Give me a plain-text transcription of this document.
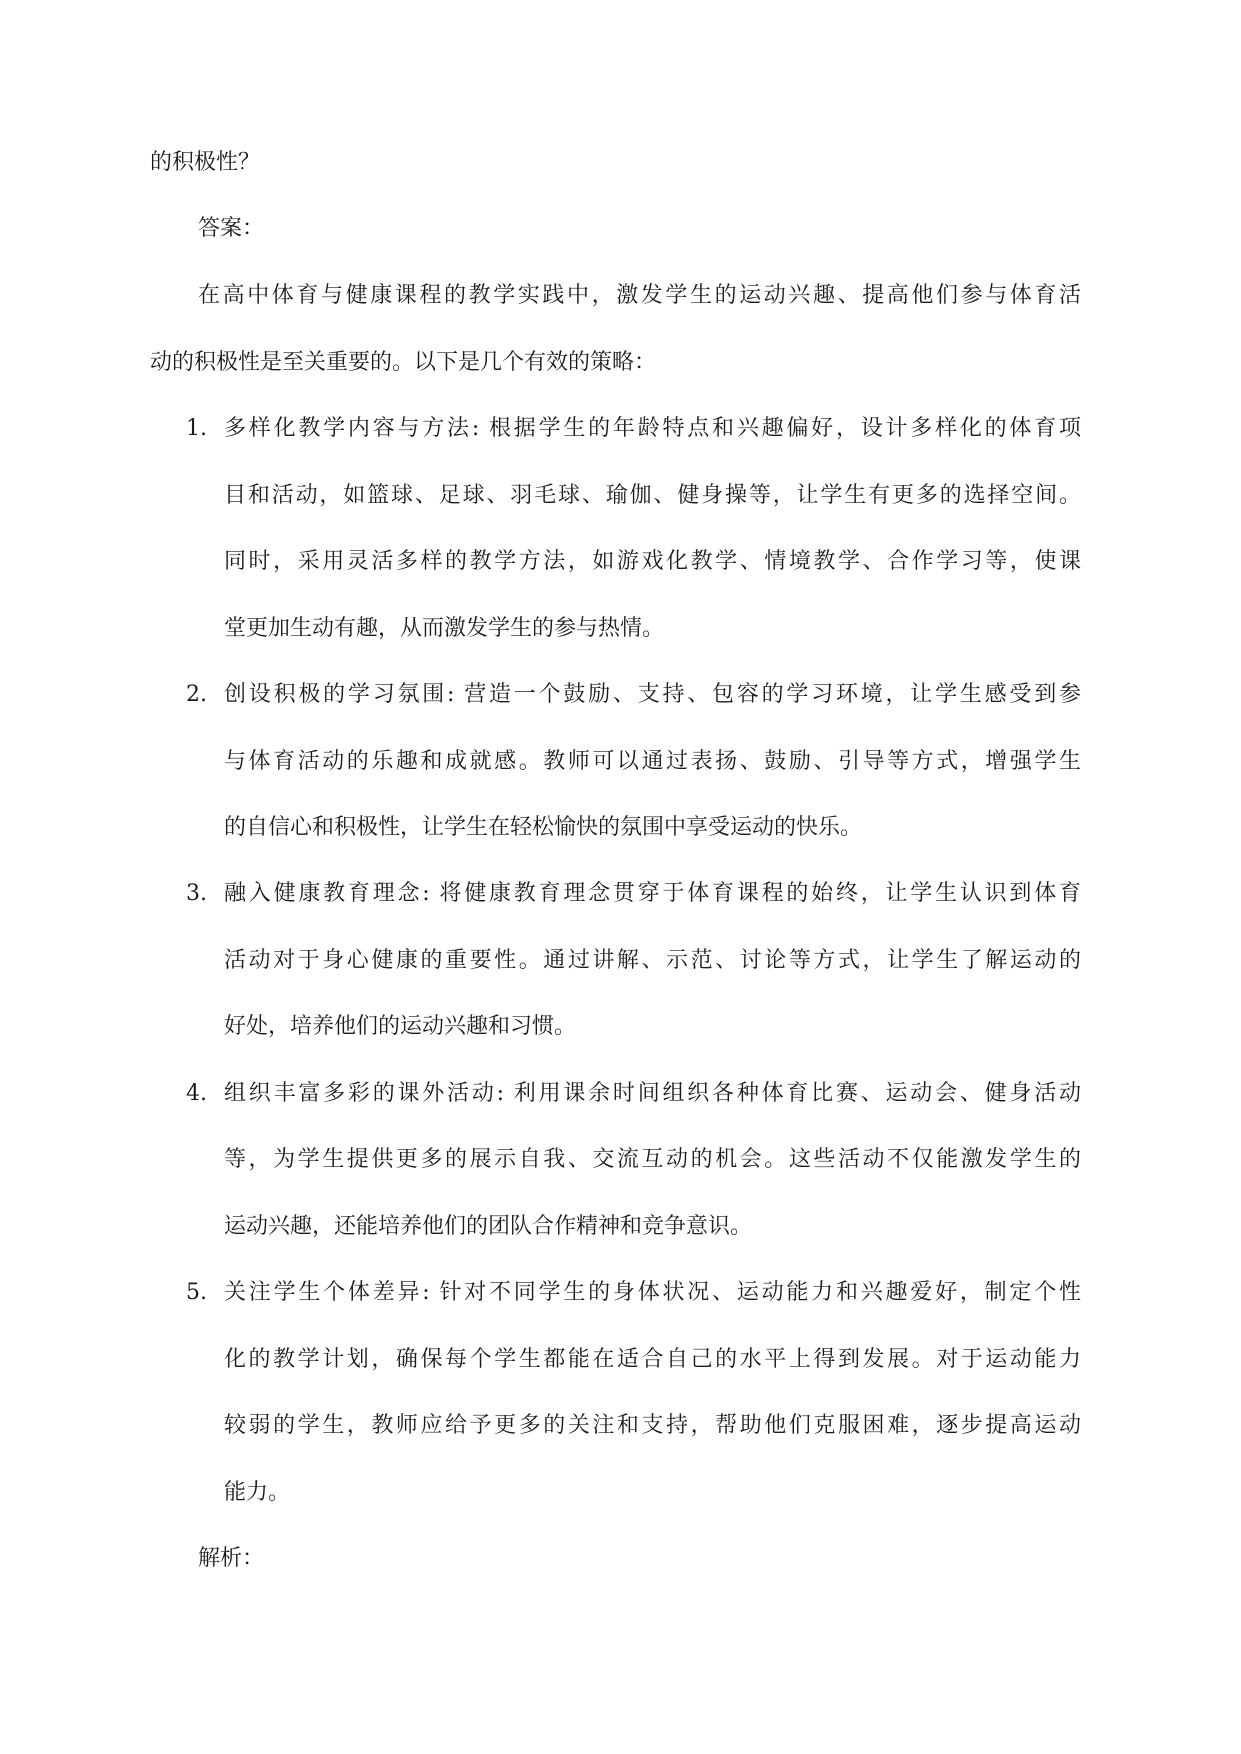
的积极性？
答案：
在高中体育与健康课程的教学实践中，激发学生的运动兴趣、提高他们参与体育活
动的积极性是至关重要的。以下是几个有效的策略：
1. 多样化教学内容与方法: 根据学生的年龄特点和兴趣偏好，设计多样化的体育项
目和活动，如篮球、足球、羽毛球、瑜伽、健身操等，让学生有更多的选择空间。
同时，采用灵活多样的教学方法，如游戏化教学、情境教学、合作学习等，使课
堂更加生动有趣，从而激发学生的参与热情。
2. 创设积极的学习氛围: 营造一个鼓励、支持、包容的学习环境，让学生感受到参
与体育活动的乐趣和成就感。教师可以通过表扬、鼓励、引导等方式，增强学生
的自信心和积极性，让学生在轻松愉快的氛围中享受运动的快乐。
3. 融入健康教育理念: 将健康教育理念贯穿于体育课程的始终，让学生认识到体育
活动对于身心健康的重要性。通过讲解、示范、讨论等方式，让学生了解运动的
好处，培养他们的运动兴趣和习惯。
4. 组织丰富多彩的课外活动: 利用课余时间组织各种体育比赛、运动会、健身活动
等，为学生提供更多的展示自我、交流互动的机会。这些活动不仅能激发学生的
运动兴趣，还能培养他们的团队合作精神和竞争意识。
5. 关注学生个体差异: 针对不同学生的身体状况、运动能力和兴趣爱好，制定个性
化的教学计划，确保每个学生都能在适合自己的水平上得到发展。对于运动能力
较弱的学生，教师应给予更多的关注和支持，帮助他们克服困难，逐步提高运动
能力。
解析：
